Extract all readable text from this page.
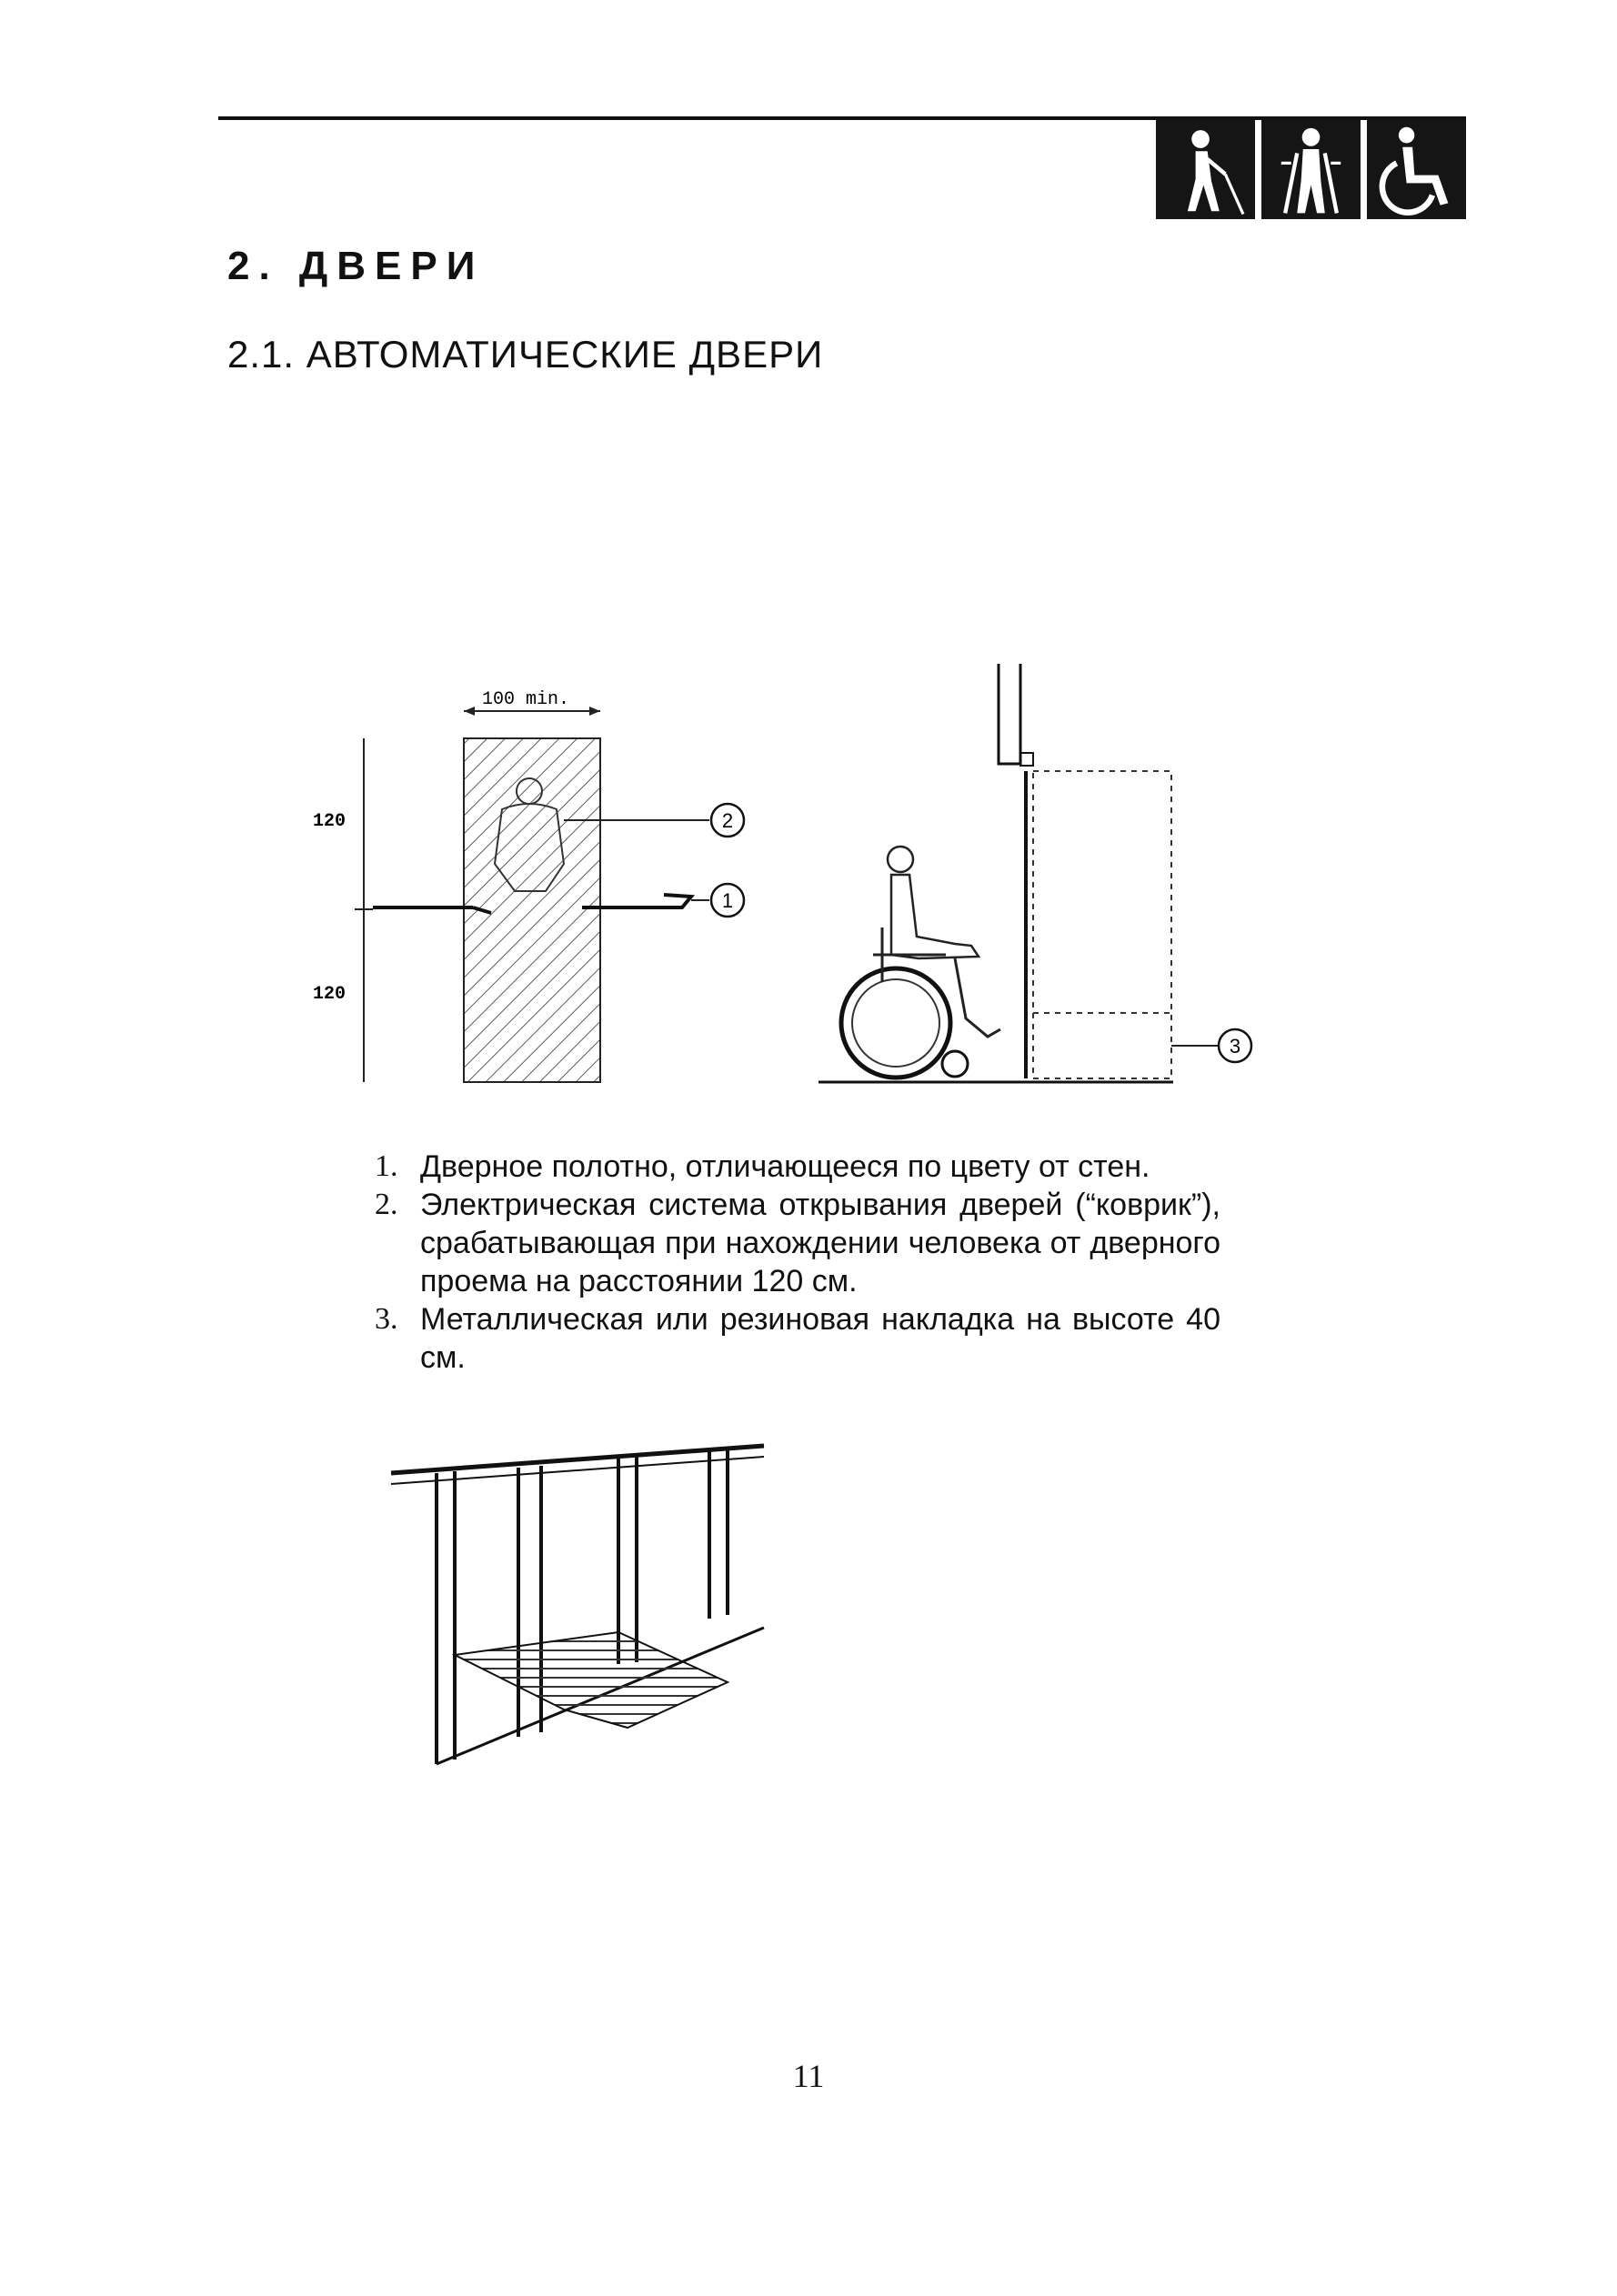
2. ДВЕРИ
2.1. АВТОМАТИЧЕСКИЕ ДВЕРИ
100 min.
120
120
2
1
3
1. Дверное полотно, отличающееся по цвету от стен.
2. Электрическая система открывания дверей (“коврик”), срабатывающая при нахождении человека от дверного проема на расстоянии 120 см.
3. Металлическая или резиновая накладка на высоте 40 см.
11
